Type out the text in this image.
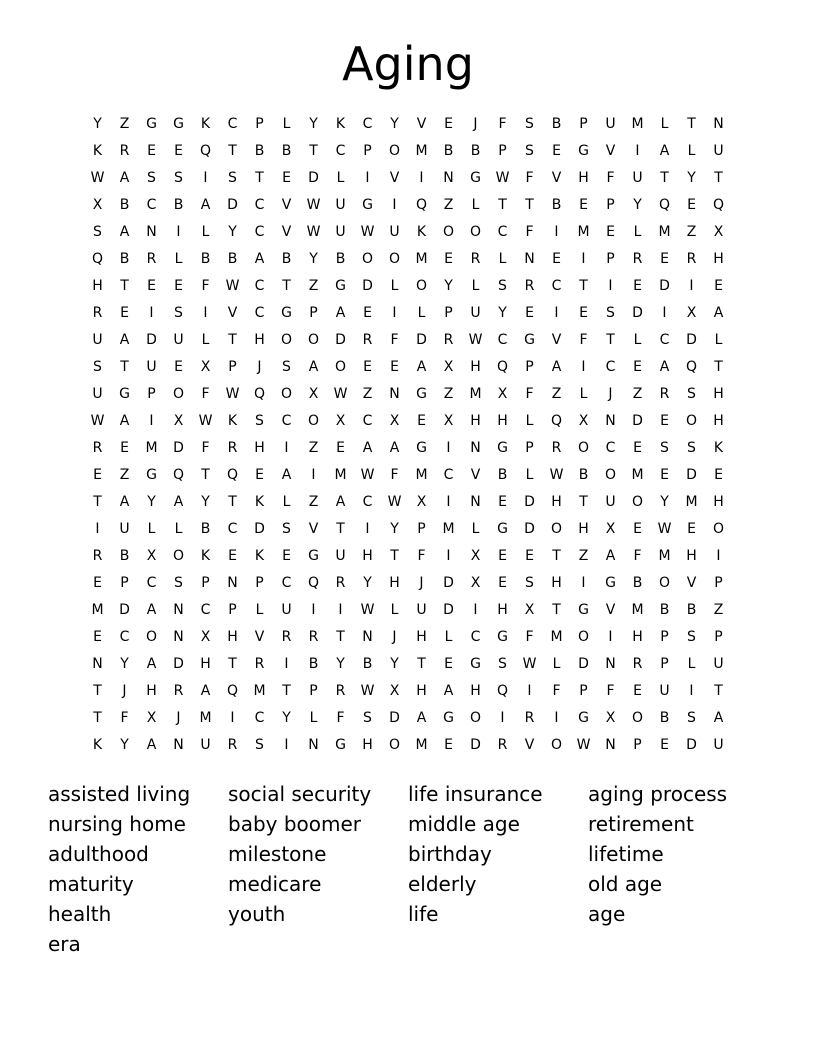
Aging
Y	Z	G	G	K	C	P	L	Y	K	C	Y	V	E	J	F	S	B	P	U	M	L	T	N
K	R	E	E	Q	T	B	B	T	C	P	O	M	B	B	P	S	E	G	V	I	A	L	U
W	A	S	S	I	S	T	E	D	L	I	V	I	N	G	W	F	V	H	F	U	T	Y	T
X	B	C	B	A	D	C	V	W	U	G	I	Q	Z	L	T	T	B	E	P	Y	Q	E	Q
S	A	N	I	L	Y	C	V	W	U	W	U	K	O	O	C	F	I	M	E	L	M	Z	X
Q	B	R	L	B	B	A	B	Y	B	O	O	M	E	R	L	N	E	I	P	R	E	R	H
H	T	E	E	F	W	C	T	Z	G	D	L	O	Y	L	S	R	C	T	I	E	D	I	E
R	E	I	S	I	V	C	G	P	A	E	I	L	P	U	Y	E	I	E	S	D	I	X	A
U	A	D	U	L	T	H	O	O	D	R	F	D	R	W	C	G	V	F	T	L	C	D	L
S	T	U	E	X	P	J	S	A	O	E	E	A	X	H	Q	P	A	I	C	E	A	Q	T
U	G	P	O	F	W	Q	O	X	W	Z	N	G	Z	M	X	F	Z	L	J	Z	R	S	H
W	A	I	X	W	K	S	C	O	X	C	X	E	X	H	H	L	Q	X	N	D	E	O	H
R	E	M	D	F	R	H	I	Z	E	A	A	G	I	N	G	P	R	O	C	E	S	S	K
E	Z	G	Q	T	Q	E	A	I	M	W	F	M	C	V	B	L	W	B	O	M	E	D	E
T	A	Y	A	Y	T	K	L	Z	A	C	W	X	I	N	E	D	H	T	U	O	Y	M	H
I	U	L	L	B	C	D	S	V	T	I	Y	P	M	L	G	D	O	H	X	E	W	E	O
R	B	X	O	K	E	K	E	G	U	H	T	F	I	X	E	E	T	Z	A	F	M	H	I
E	P	C	S	P	N	P	C	Q	R	Y	H	J	D	X	E	S	H	I	G	B	O	V	P
M	D	A	N	C	P	L	U	I	I	W	L	U	D	I	H	X	T	G	V	M	B	B	Z
E	C	O	N	X	H	V	R	R	T	N	J	H	L	C	G	F	M	O	I	H	P	S	P
N	Y	A	D	H	T	R	I	B	Y	B	Y	T	E	G	S	W	L	D	N	R	P	L	U
T	J	H	R	A	Q	M	T	P	R	W	X	H	A	H	Q	I	F	P	F	E	U	I	T
T	F	X	J	M	I	C	Y	L	F	S	D	A	G	O	I	R	I	G	X	O	B	S	A
K	Y	A	N	U	R	S	I	N	G	H	O	M	E	D	R	V	O	W	N	P	E	D	U
assisted living	social security	life insurance	aging process
nursing home	baby boomer	middle age	retirement
adulthood	milestone	birthday	lifetime
maturity	medicare	elderly	old age
health	youth	life	age
era
